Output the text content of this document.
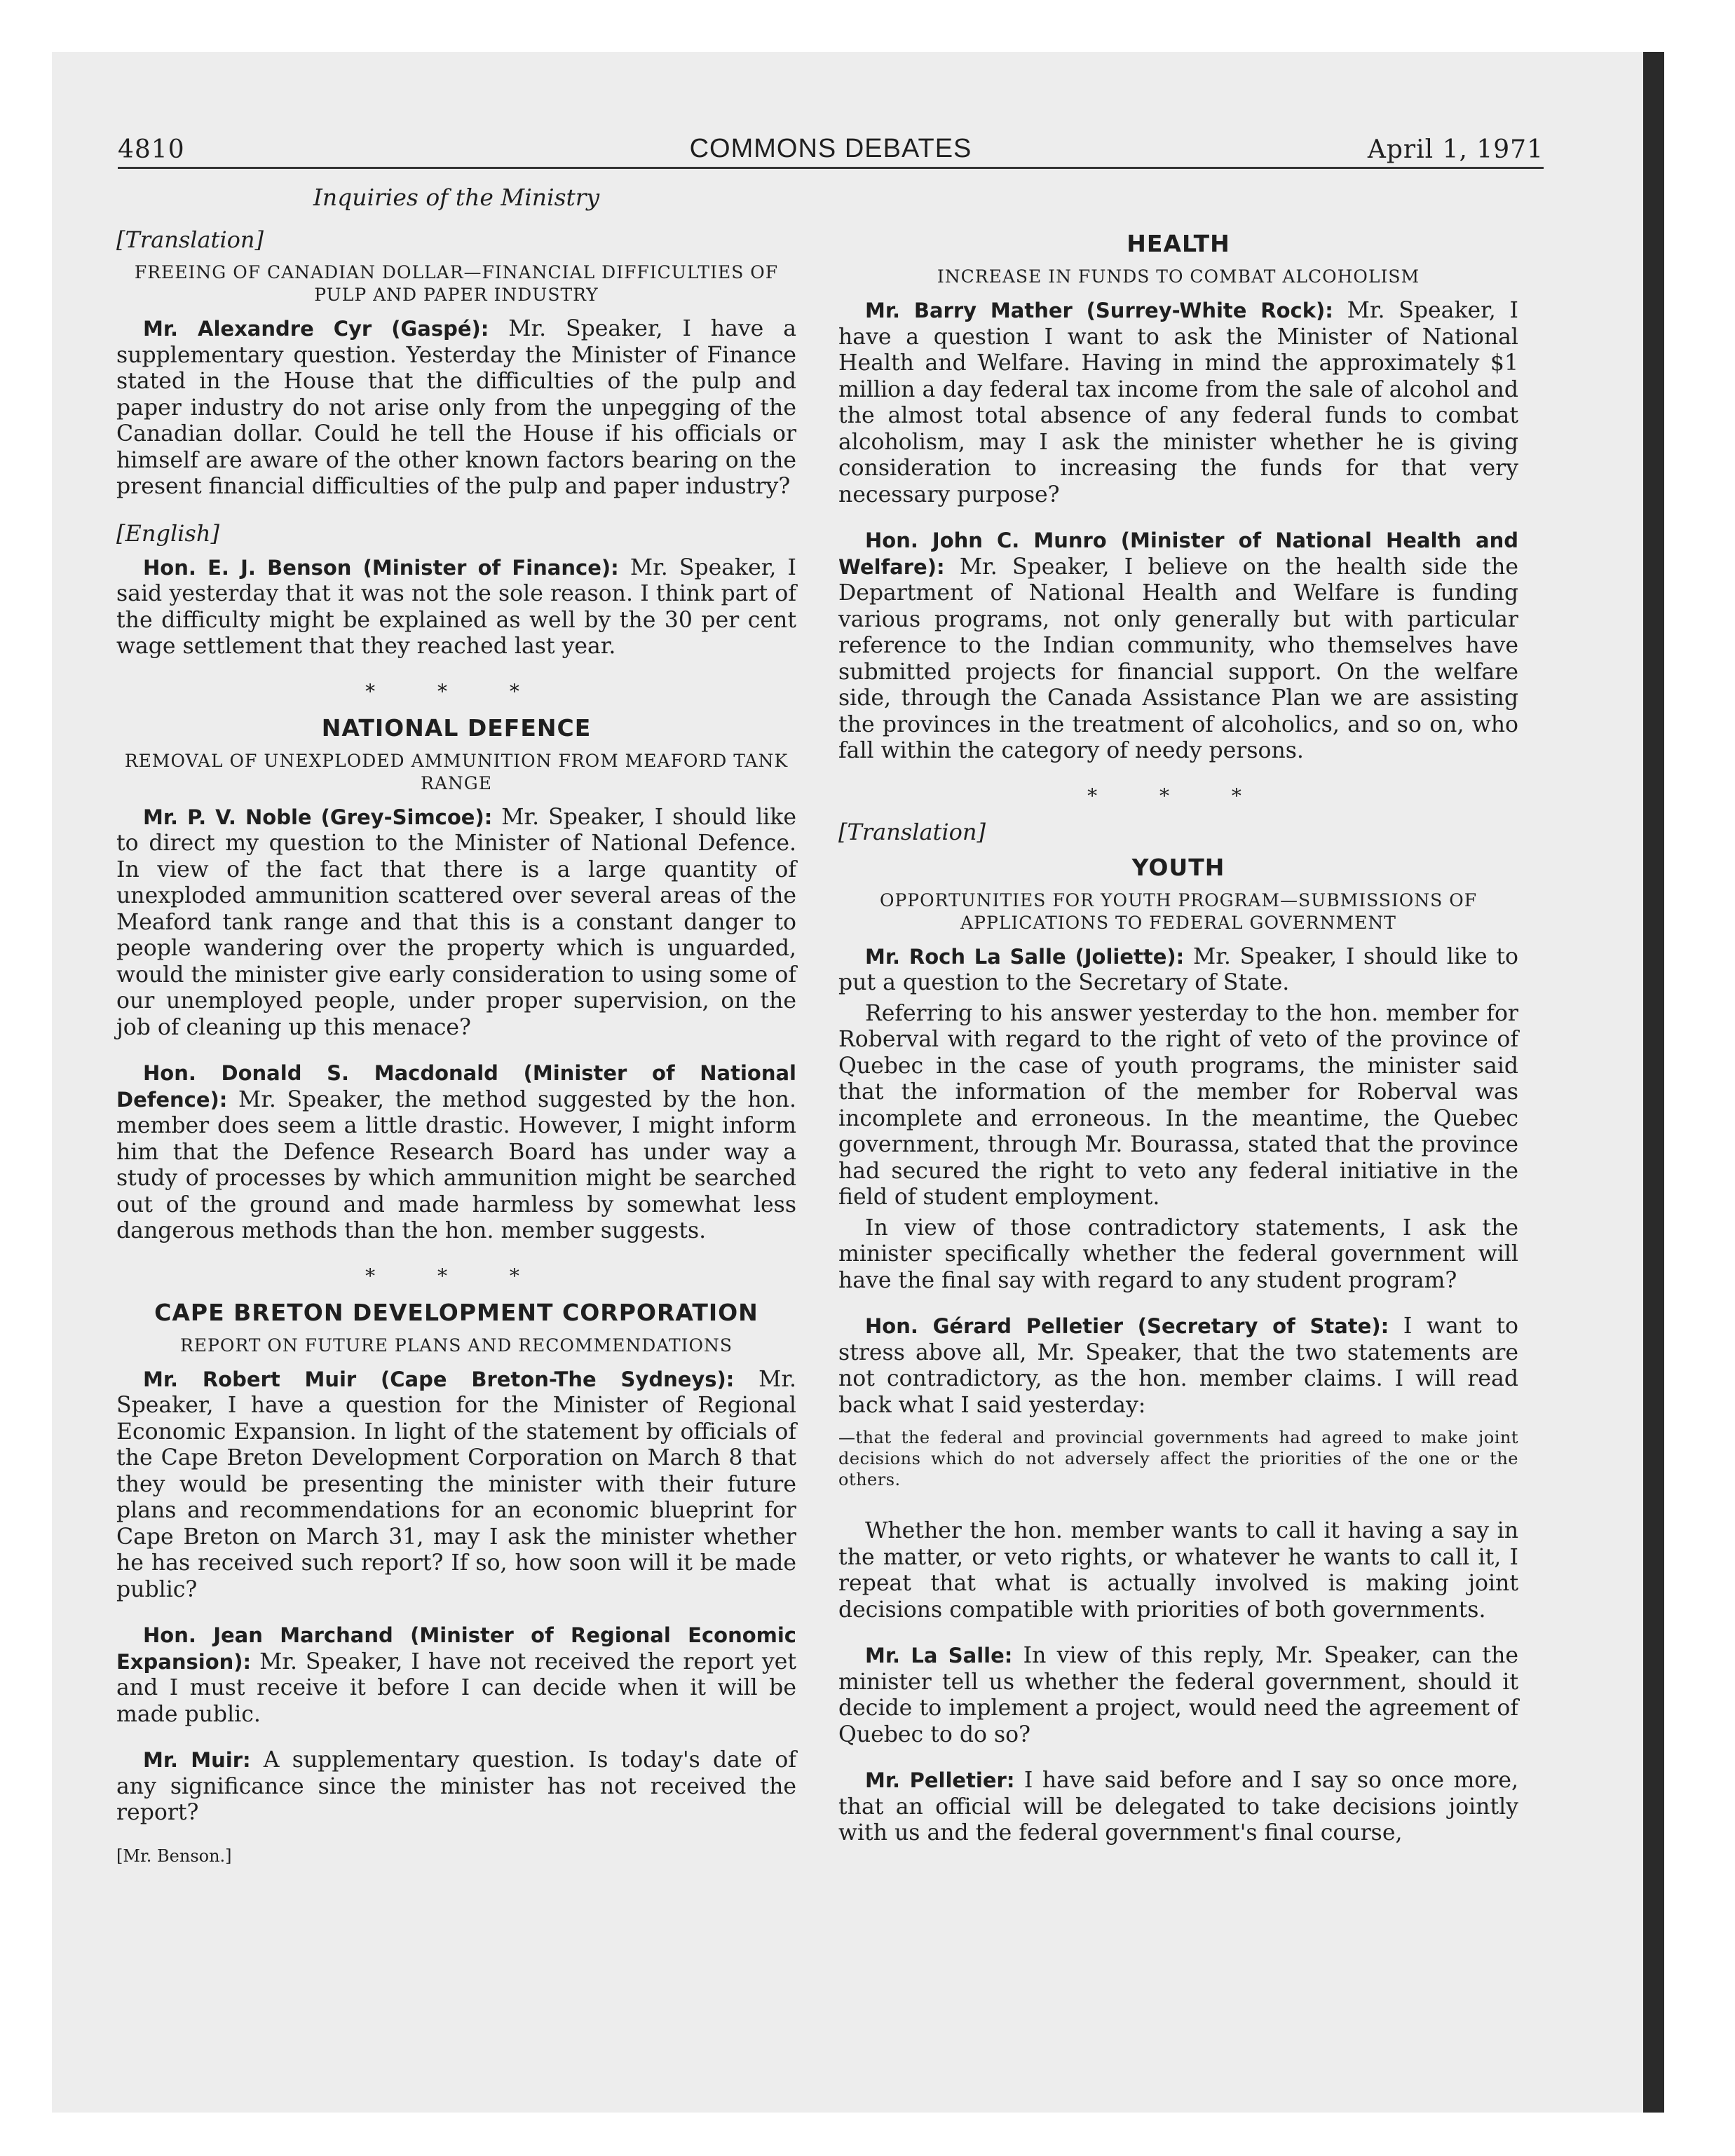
4810	COMMONS DEBATES	April 1, 1971
Inquiries of the Ministry
[Translation]
FREEING OF CANADIAN DOLLAR—FINANCIAL DIFFICULTIES OF PULP AND PAPER INDUSTRY

Mr. Alexandre Cyr (Gaspé): Mr. Speaker, I have a supplementary question. Yesterday the Minister of Finance stated in the House that the difficulties of the pulp and paper industry do not arise only from the unpegging of the Canadian dollar. Could he tell the House if his officials or himself are aware of the other known factors bearing on the present financial difficulties of the pulp and paper industry?

[English]

Hon. E. J. Benson (Minister of Finance): Mr. Speaker, I said yesterday that it was not the sole reason. I think part of the difficulty might be explained as well by the 30 per cent wage settlement that they reached last year.

* * *
NATIONAL DEFENCE
REMOVAL OF UNEXPLODED AMMUNITION FROM MEAFORD TANK RANGE

Mr. P. V. Noble (Grey-Simcoe): Mr. Speaker, I should like to direct my question to the Minister of National Defence. In view of the fact that there is a large quantity of unexploded ammunition scattered over several areas of the Meaford tank range and that this is a constant danger to people wandering over the property which is unguarded, would the minister give early consideration to using some of our unemployed people, under proper supervision, on the job of cleaning up this menace?

Hon. Donald S. Macdonald (Minister of National Defence): Mr. Speaker, the method suggested by the hon. member does seem a little drastic. However, I might inform him that the Defence Research Board has under way a study of processes by which ammunition might be searched out of the ground and made harmless by somewhat less dangerous methods than the hon. member suggests.

* * *
CAPE BRETON DEVELOPMENT CORPORATION
REPORT ON FUTURE PLANS AND RECOMMENDATIONS

Mr. Robert Muir (Cape Breton-The Sydneys): Mr. Speaker, I have a question for the Minister of Regional Economic Expansion. In light of the statement by officials of the Cape Breton Development Corporation on March 8 that they would be presenting the minister with their future plans and recommendations for an economic blueprint for Cape Breton on March 31, may I ask the minister whether he has received such report? If so, how soon will it be made public?

Hon. Jean Marchand (Minister of Regional Economic Expansion): Mr. Speaker, I have not received the report yet and I must receive it before I can decide when it will be made public.

Mr. Muir: A supplementary question. Is today's date of any significance since the minister has not received the report?

[Mr. Benson.]
HEALTH
INCREASE IN FUNDS TO COMBAT ALCOHOLISM

Mr. Barry Mather (Surrey-White Rock): Mr. Speaker, I have a question I want to ask the Minister of National Health and Welfare. Having in mind the approximately $1 million a day federal tax income from the sale of alcohol and the almost total absence of any federal funds to combat alcoholism, may I ask the minister whether he is giving consideration to increasing the funds for that very necessary purpose?

Hon. John C. Munro (Minister of National Health and Welfare): Mr. Speaker, I believe on the health side the Department of National Health and Welfare is funding various programs, not only generally but with particular reference to the Indian community, who themselves have submitted projects for financial support. On the welfare side, through the Canada Assistance Plan we are assisting the provinces in the treatment of alcoholics, and so on, who fall within the category of needy persons.

* * *
[Translation]
YOUTH
OPPORTUNITIES FOR YOUTH PROGRAM—SUBMISSIONS OF APPLICATIONS TO FEDERAL GOVERNMENT

Mr. Roch La Salle (Joliette): Mr. Speaker, I should like to put a question to the Secretary of State.

Referring to his answer yesterday to the hon. member for Roberval with regard to the right of veto of the province of Quebec in the case of youth programs, the minister said that the information of the member for Roberval was incomplete and erroneous. In the meantime, the Quebec government, through Mr. Bourassa, stated that the province had secured the right to veto any federal initiative in the field of student employment.

In view of those contradictory statements, I ask the minister specifically whether the federal government will have the final say with regard to any student program?

Hon. Gérard Pelletier (Secretary of State): I want to stress above all, Mr. Speaker, that the two statements are not contradictory, as the hon. member claims. I will read back what I said yesterday:

—that the federal and provincial governments had agreed to make joint decisions which do not adversely affect the priorities of the one or the others.

Whether the hon. member wants to call it having a say in the matter, or veto rights, or whatever he wants to call it, I repeat that what is actually involved is making joint decisions compatible with priorities of both governments.

Mr. La Salle: In view of this reply, Mr. Speaker, can the minister tell us whether the federal government, should it decide to implement a project, would need the agreement of Quebec to do so?

Mr. Pelletier: I have said before and I say so once more, that an official will be delegated to take decisions jointly with us and the federal government's final course,
